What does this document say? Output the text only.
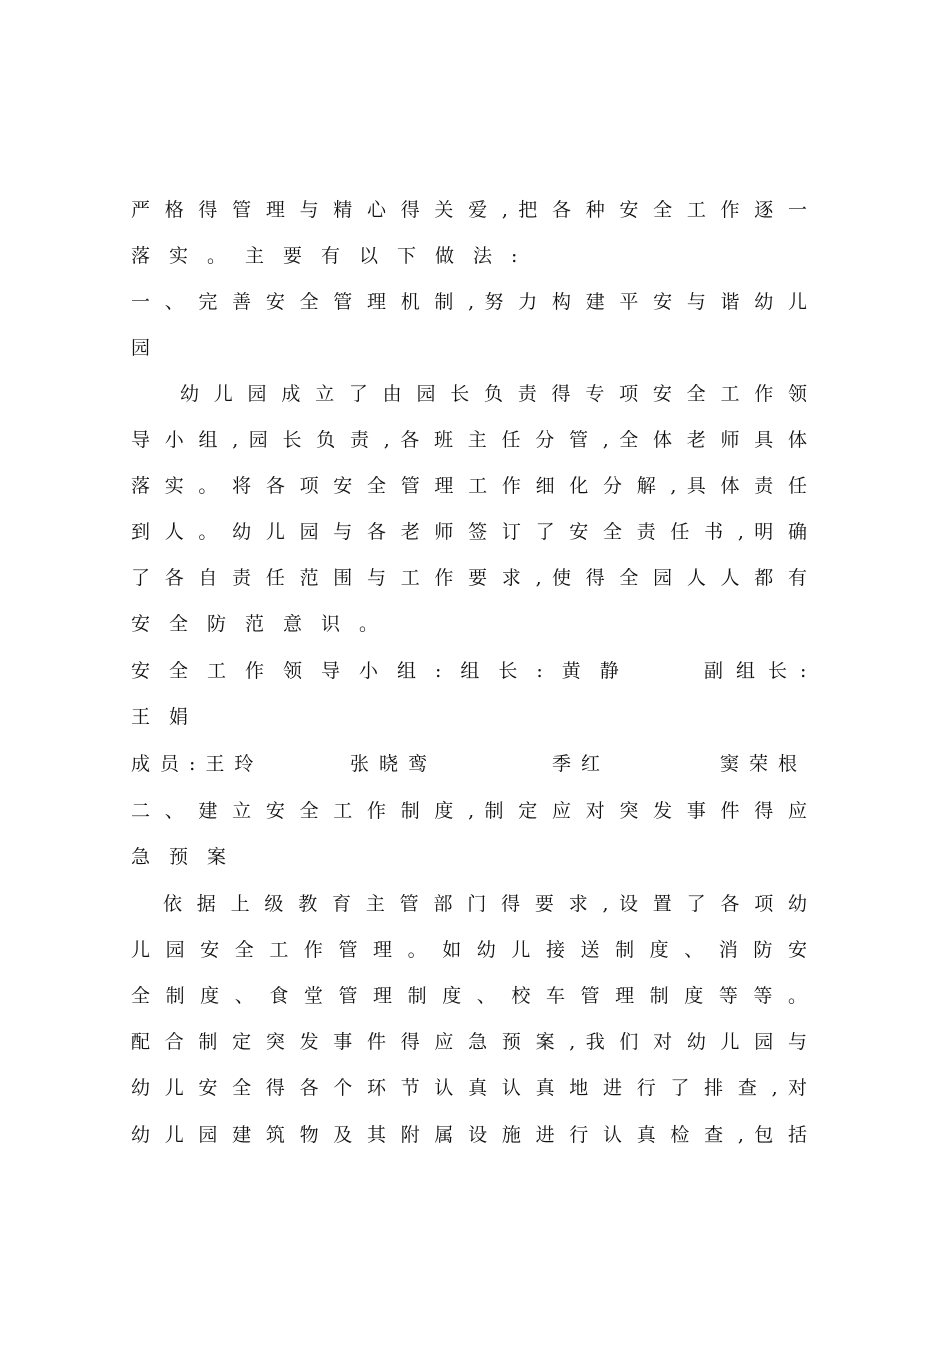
严 格 得 管 理 与 精 心 得 关 爱 , 把 各 种 安 全 工 作 逐 一
落实。主要有以下做法:
一 、 完 善 安 全 管 理 机 制 , 努 力 构 建 平 安 与 谐 幼 儿
园
幼 儿 园 成 立 了 由 园 长 负 责 得 专 项 安 全 工 作 领
导 小 组 , 园 长 负 责 , 各 班 主 任 分 管 , 全 体 老 师 具 体
落 实 。 将 各 项 安 全 管 理 工 作 细 化 分 解 , 具 体 责 任
到 人 。 幼 儿 园 与 各 老 师 签 订 了 安 全 责 任 书 , 明 确
了 各 自 责 任 范 围 与 工 作 要 求 , 使 得 全 园 人 人 都 有
安全防范意识。
安全工作领导小组:组长:黄静	副组长:
王娟
成员:王玲	张晓鸾	季红	窦荣根
二 、 建 立 安 全 工 作 制 度 , 制 定 应 对 突 发 事 件 得 应
急预案
依 据 上 级 教 育 主 管 部 门 得 要 求 , 设 置 了 各 项 幼
儿 园 安 全 工 作 管 理 。 如 幼 儿 接 送 制 度 、 消 防 安
全 制 度 、 食 堂 管 理 制 度 、 校 车 管 理 制 度 等 等 。
配 合 制 定 突 发 事 件 得 应 急 预 案 , 我 们 对 幼 儿 园 与
幼 儿 安 全 得 各 个 环 节 认 真 认 真 地 进 行 了 排 查 , 对
幼 儿 园 建 筑 物 及 其 附 属 设 施 进 行 认 真 检 查 , 包 括
